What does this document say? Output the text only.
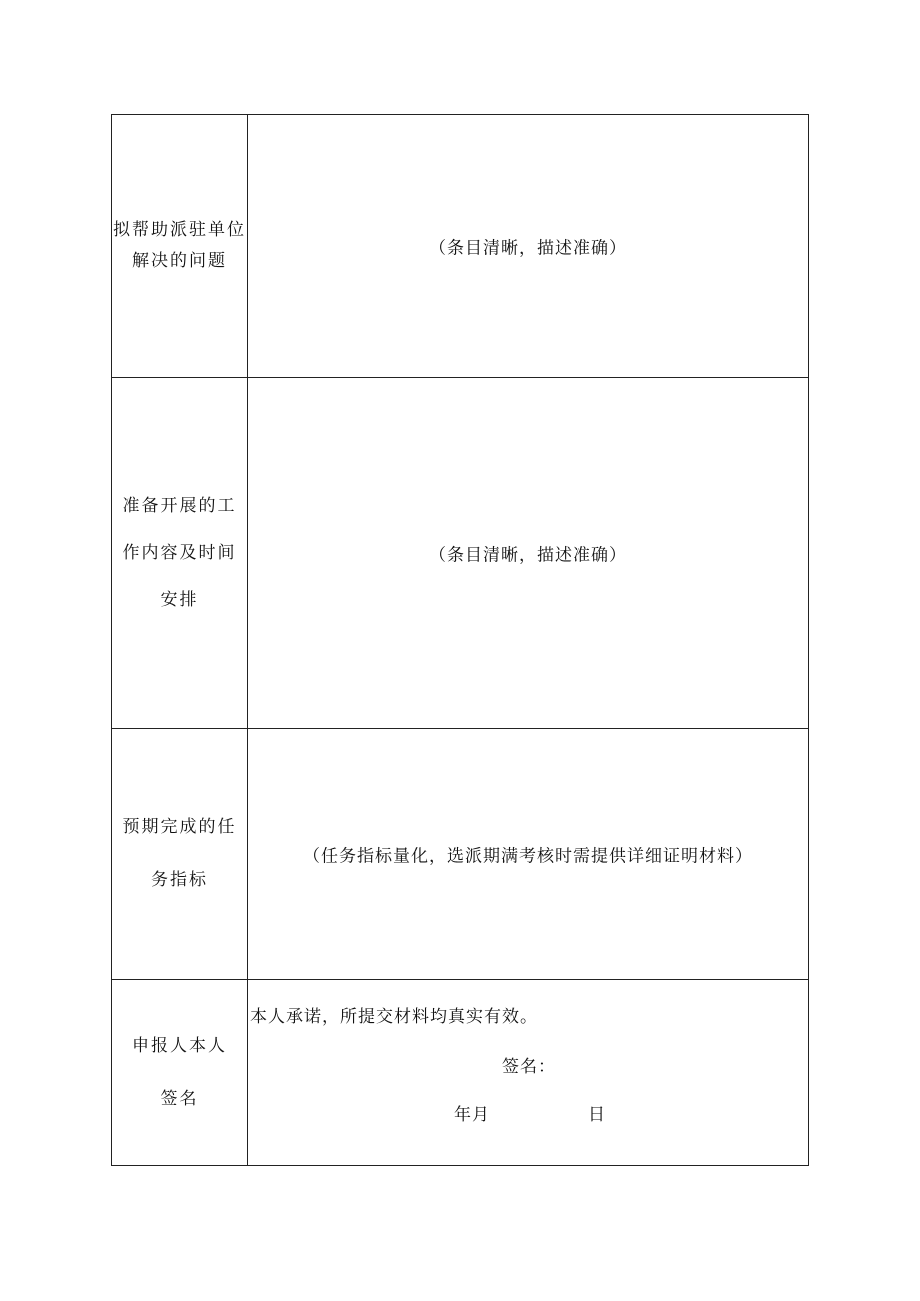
拟帮助派驻单位
解决的问题
（条目清晰，描述准确）
准备开展的工
作内容及时间
安排
（条目清晰，描述准确）
预期完成的任
务指标
（任务指标量化，选派期满考核时需提供详细证明材料）
申报人本人
签名
本人承诺，所提交材料均真实有效。
签名：
年月	日
